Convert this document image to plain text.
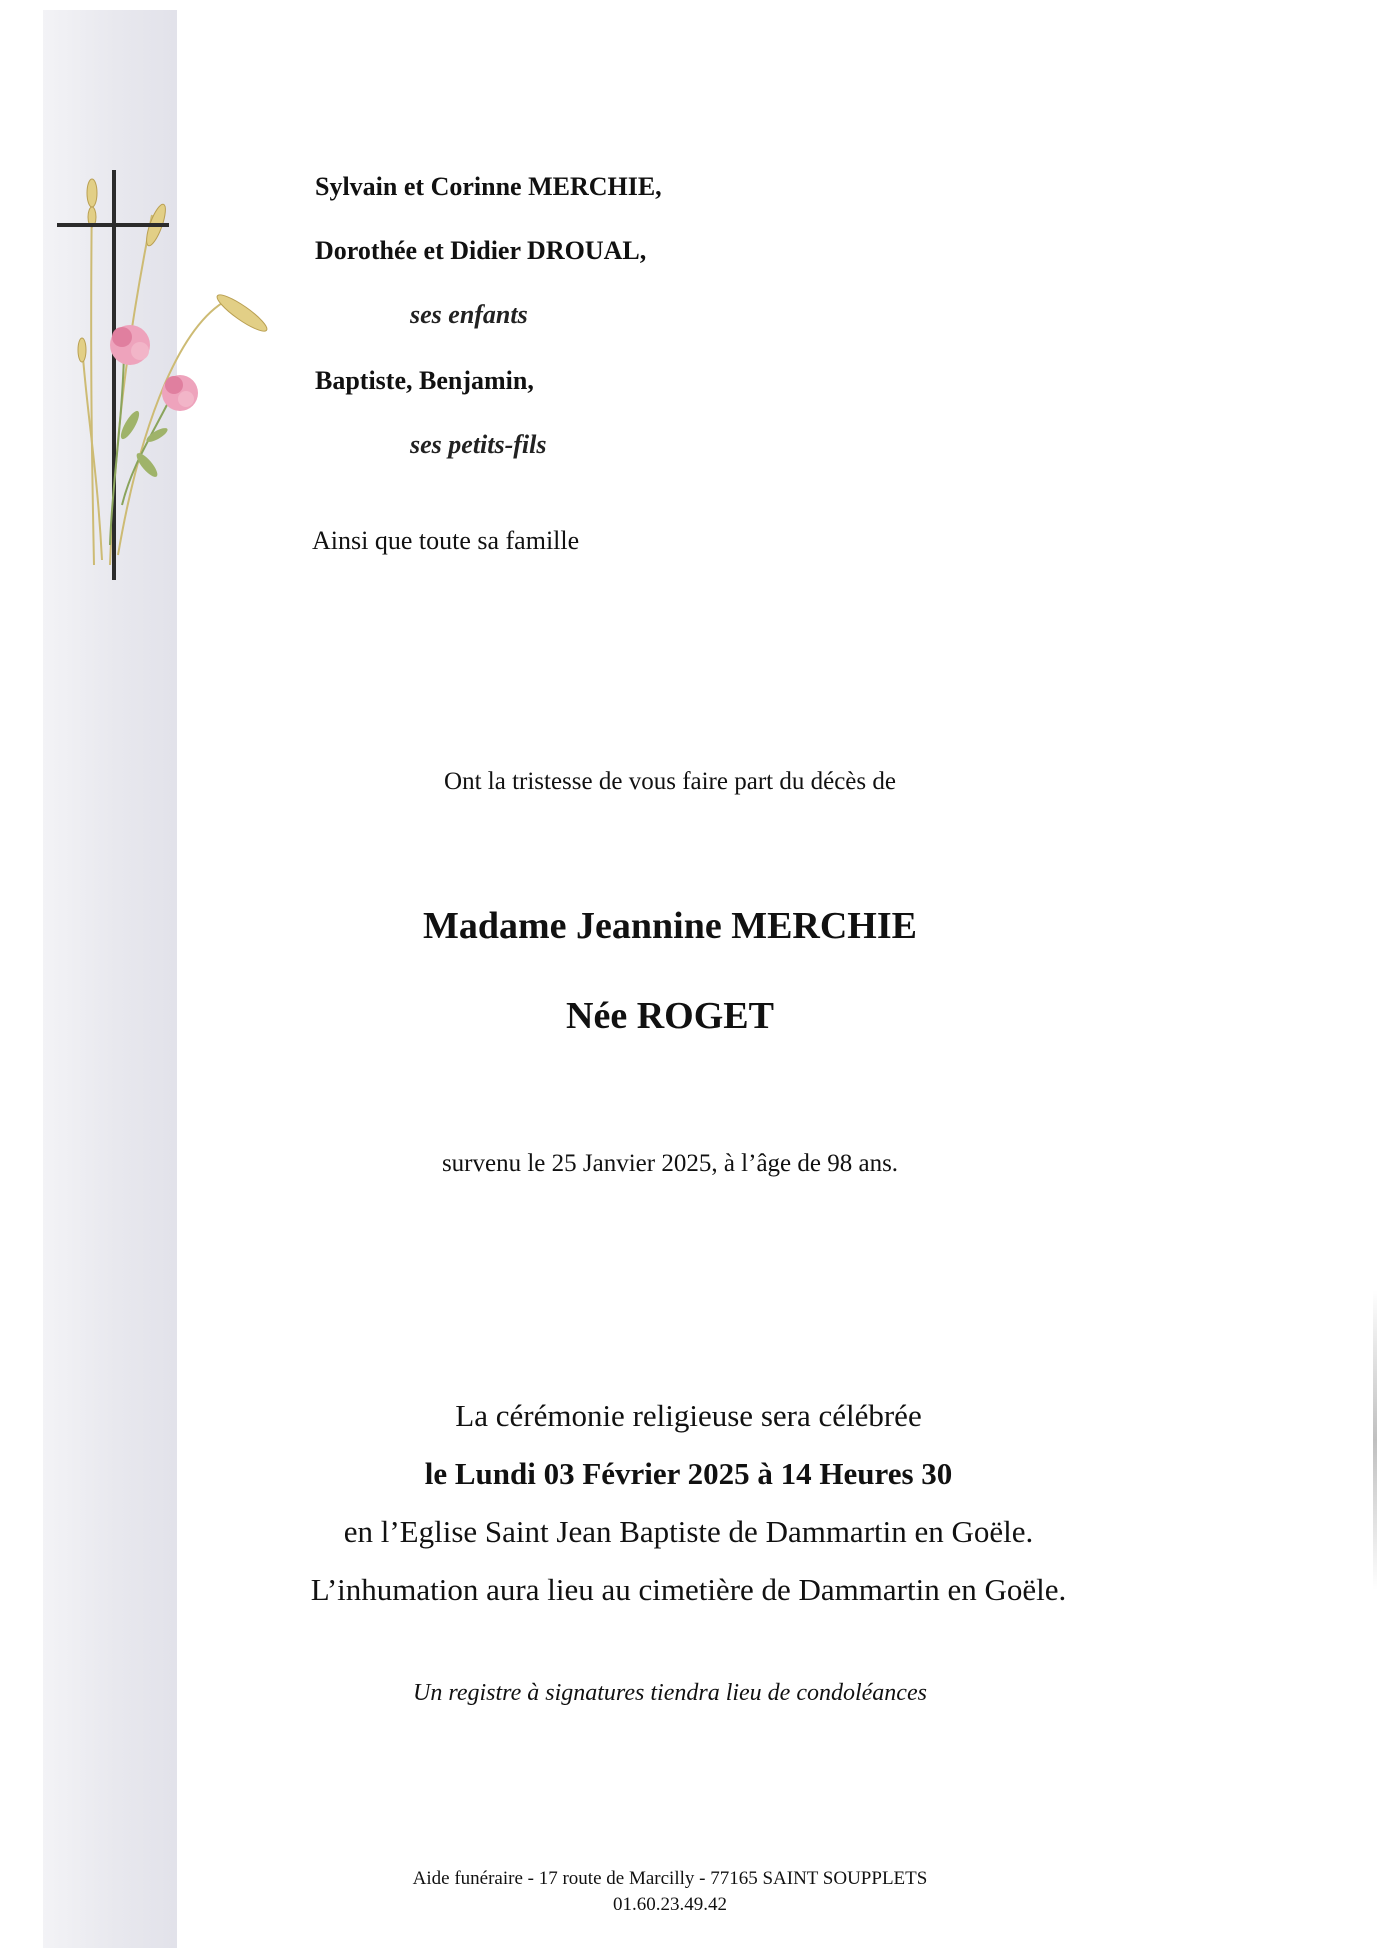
Sylvain et Corinne MERCHIE,
Dorothée et Didier DROUAL,
ses enfants
Baptiste, Benjamin,
ses petits-fils
Ainsi que toute sa famille
Ont la tristesse de vous faire part du décès de
Madame Jeannine MERCHIE
Née ROGET
survenu le 25 Janvier 2025, à l’âge de 98 ans.
La cérémonie religieuse sera célébrée
le Lundi 03 Février 2025 à 14 Heures 30
en l’Eglise Saint Jean Baptiste de Dammartin en Goële.
L’inhumation aura lieu au cimetière de Dammartin en Goële.
Un registre à signatures tiendra lieu de condoléances
Aide funéraire - 17 route de Marcilly - 77165 SAINT SOUPPLETS
01.60.23.49.42
